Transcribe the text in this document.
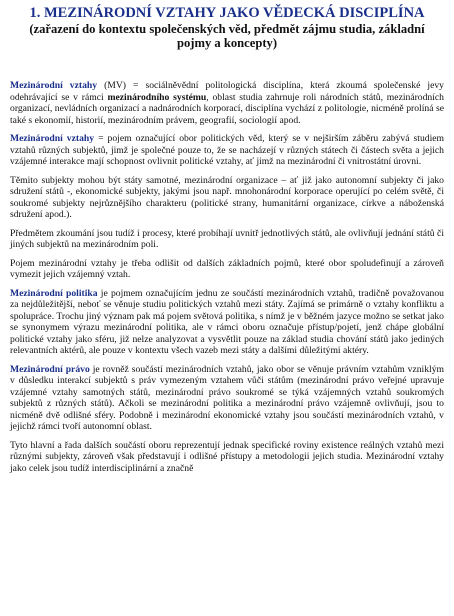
1. MEZINÁRODNÍ VZTAHY JAKO VĚDECKÁ DISCIPLÍNA
(zařazení do kontextu společenských věd, předmět zájmu studia, základní pojmy a koncepty)

Mezinárodní vztahy (MV) = sociálněvědní politologická disciplína, která zkoumá společenské jevy odehrávající se v rámci mezinárodního systému, oblast studia zahrnuje roli národních států, mezinárodních organizací, nevládních organizací a nadnárodních korporací, disciplína vychází z politologie, nicméně prolíná se také s ekonomií, historií, mezinárodním právem, geografií, sociologií apod.

Mezinárodní vztahy = pojem označující obor politických věd, který se v nejširším záběru zabývá studiem vztahů různých subjektů, jimž je společné pouze to, že se nacházejí v různých státech či částech světa a jejich vzájemné interakce mají schopnost ovlivnit politické vztahy, ať jimž na mezinárodní či vnitrostátní úrovni.

Těmito subjekty mohou být státy samotné, mezinárodní organizace – ať již jako autonomní subjekty či jako sdružení států -, ekonomické subjekty, jakými jsou např. mnohonárodní korporace operující po celém světě, či soukromé subjekty nejrůznějšího charakteru (politické strany, humanitární organizace, církve a náboženská sdružení apod.).

Předmětem zkoumání jsou tudíž i procesy, které probíhají uvnitř jednotlivých států, ale ovlivňují jednání států či jiných subjektů na mezinárodním poli.

Pojem mezinárodní vztahy je třeba odlišit od dalších základních pojmů, které obor spoludefinují a zároveň vymezit jejich vzájemný vztah.

Mezinárodní politika je pojmem označujícím jednu ze součástí mezinárodních vztahů, tradičně považovanou za nejdůležitější, neboť se věnuje studiu politických vztahů mezi státy. Zajímá se primárně o vztahy konfliktu a spolupráce. Trochu jiný význam pak má pojem světová politika, s nímž je v běžném jazyce možno se setkat jako se synonymem výrazu mezinárodní politika, ale v rámci oboru označuje přístup/pojetí, jenž chápe globální politické vztahy jako sféru, již nelze analyzovat a vysvětlit pouze na základ studia chování států jako jediných relevantních aktérů, ale pouze v kontextu všech vazeb mezi státy a dalšími důležitými aktéry.

Mezinárodní právo je rovněž součástí mezinárodních vztahů, jako obor se věnuje právním vztahům vzniklým v důsledku interakcí subjektů s práv vymezeným vztahem vůči státům (mezinárodní právo veřejné upravuje vzájemné vztahy samotných států, mezinárodní právo soukromé se týká vzájemných vztahů soukromých subjektů z různých států). Ačkoli se mezinárodní politika a mezinárodní právo vzájemně ovlivňují, jsou to nicméně dvě odlišné sféry. Podobně i mezinárodní ekonomické vztahy jsou součástí mezinárodních vztahů, v jejichž rámci tvoří autonomní oblast.

Tyto hlavní a řada dalších součástí oboru reprezentují jednak specifické roviny existence reálných vztahů mezi různými subjekty, zároveň však představují i odlišné přístupy a metodologii jejich studia. Mezinárodní vztahy jako celek jsou tudíž interdisciplinární a značně
